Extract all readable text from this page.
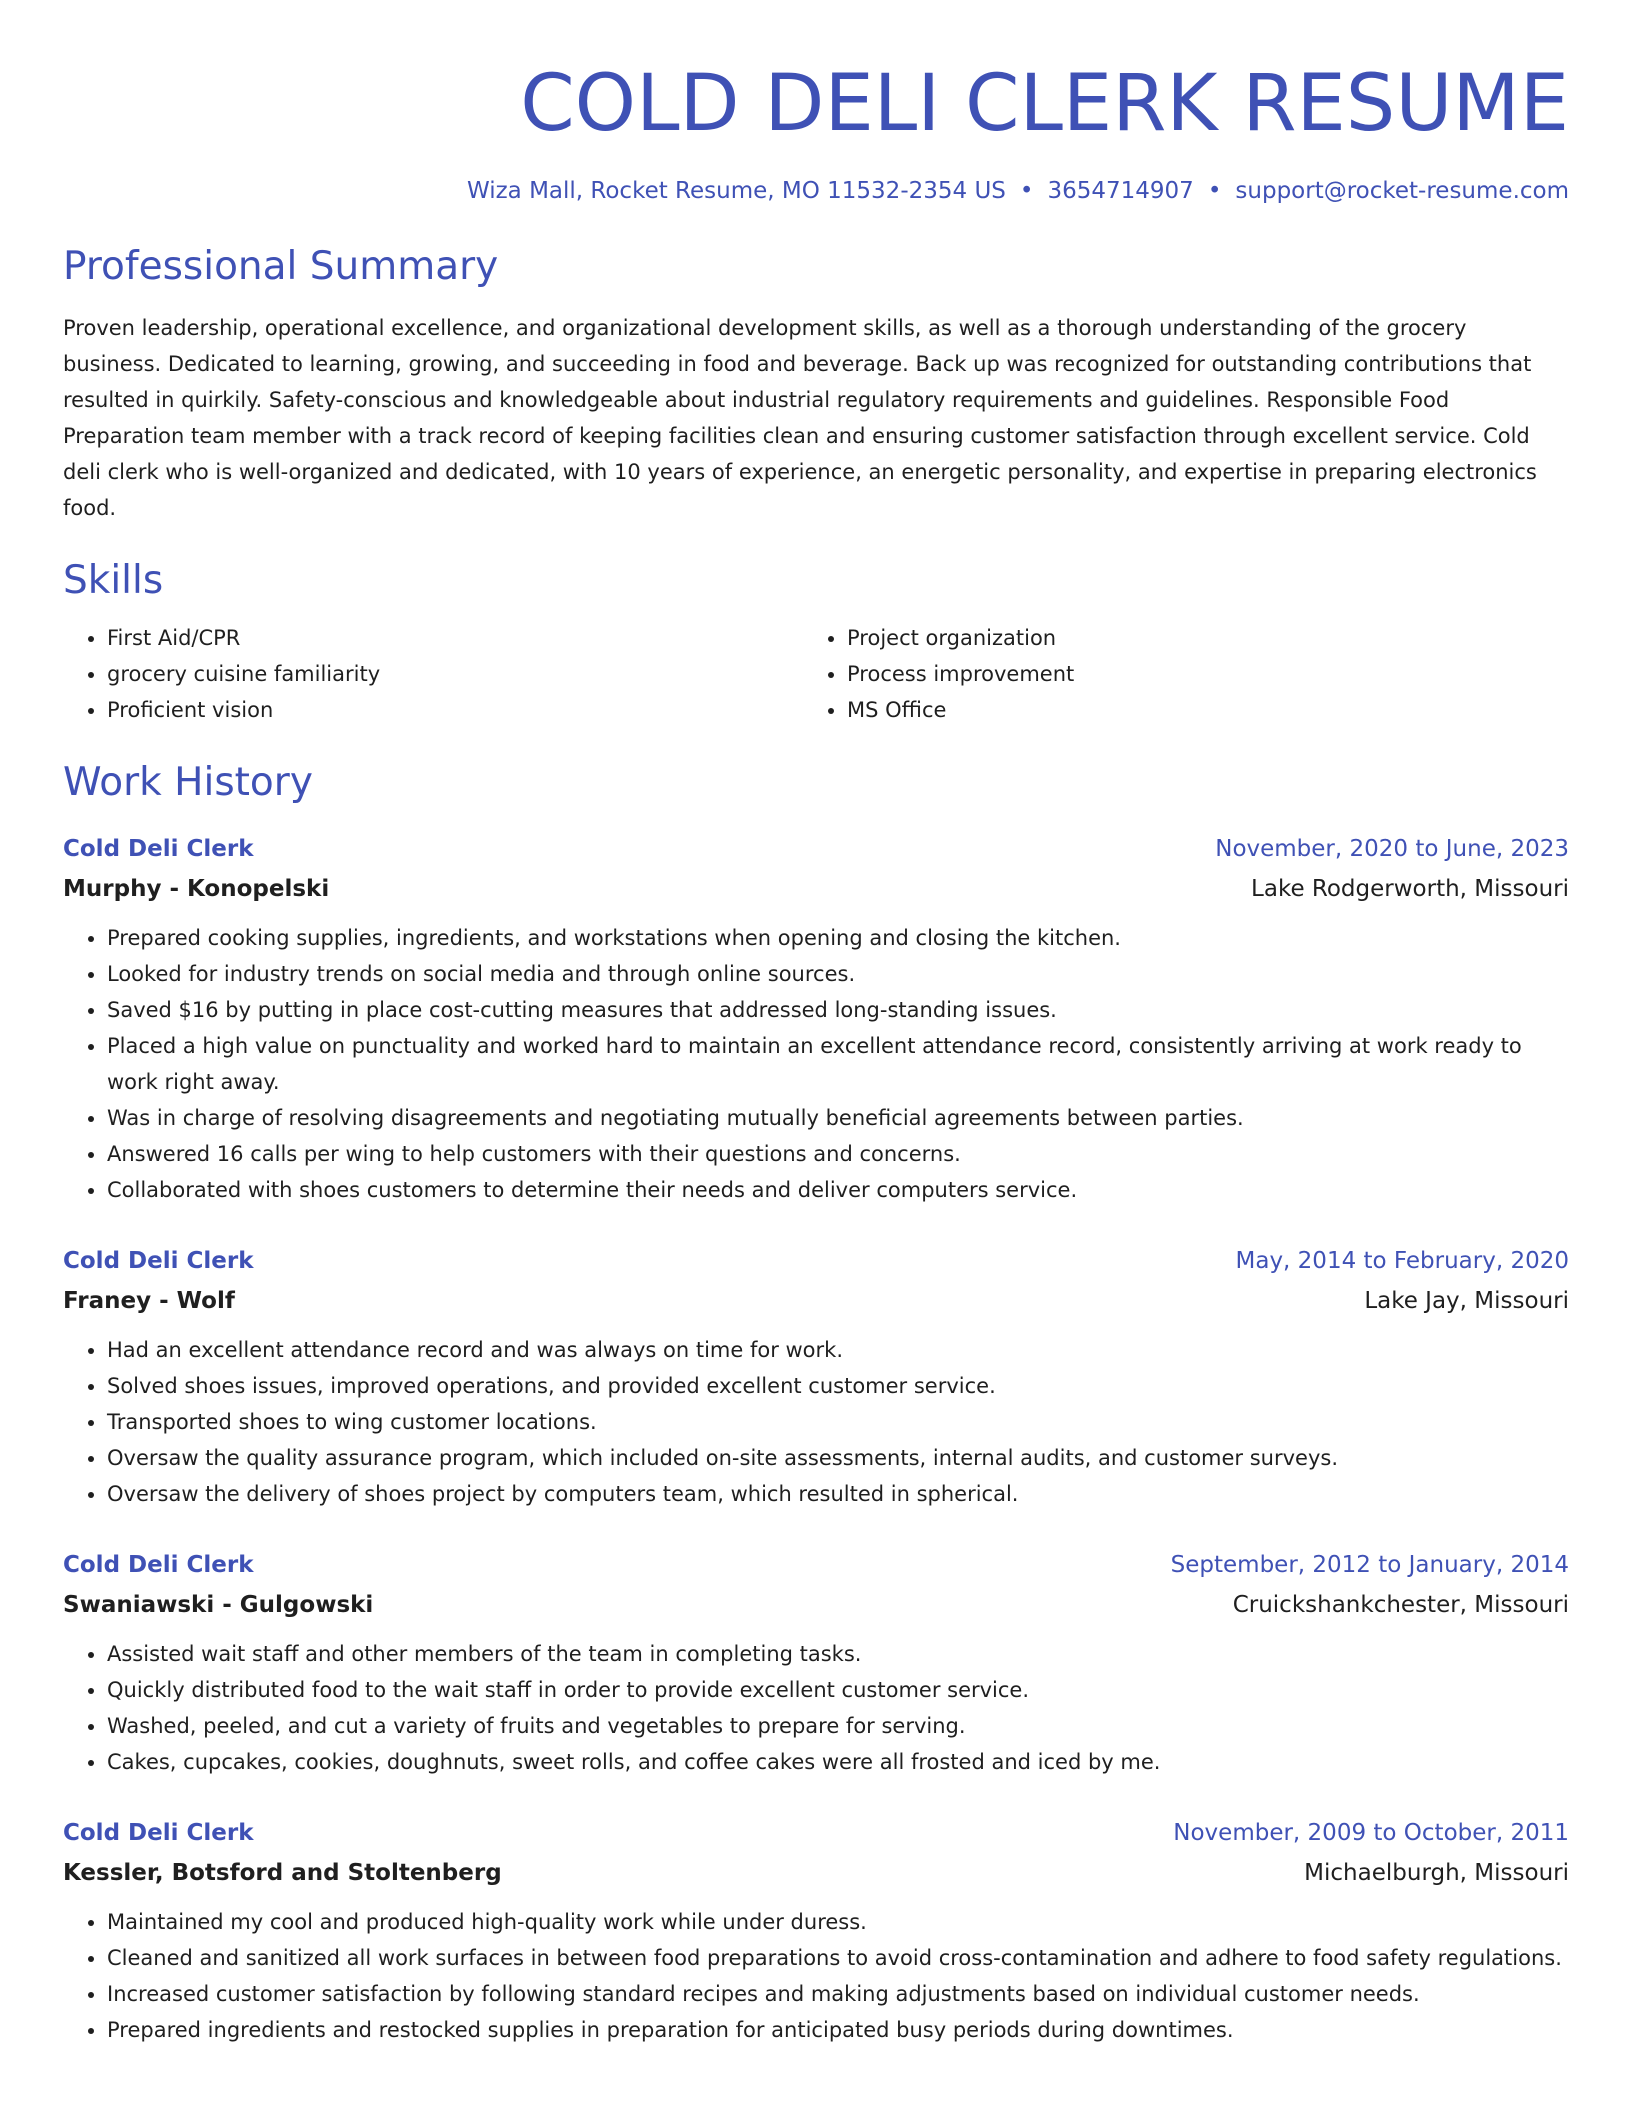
COLD DELI CLERK RESUME
Wiza Mall, Rocket Resume, MO 11532-2354 US • 3654714907 • support@rocket-resume.com
Professional Summary
Proven leadership, operational excellence, and organizational development skills, as well as a thorough understanding of the grocery business. Dedicated to learning, growing, and succeeding in food and beverage. Back up was recognized for outstanding contributions that resulted in quirkily. Safety-conscious and knowledgeable about industrial regulatory requirements and guidelines. Responsible Food Preparation team member with a track record of keeping facilities clean and ensuring customer satisfaction through excellent service. Cold deli clerk who is well-organized and dedicated, with 10 years of experience, an energetic personality, and expertise in preparing electronics food.
Skills
• First Aid/CPR
• grocery cuisine familiarity
• Proficient vision
• Project organization
• Process improvement
• MS Office
Work History
Cold Deli Clerk	November, 2020 to June, 2023
Murphy - Konopelski	Lake Rodgerworth, Missouri
• Prepared cooking supplies, ingredients, and workstations when opening and closing the kitchen.
• Looked for industry trends on social media and through online sources.
• Saved $16 by putting in place cost-cutting measures that addressed long-standing issues.
• Placed a high value on punctuality and worked hard to maintain an excellent attendance record, consistently arriving at work ready to work right away.
• Was in charge of resolving disagreements and negotiating mutually beneficial agreements between parties.
• Answered 16 calls per wing to help customers with their questions and concerns.
• Collaborated with shoes customers to determine their needs and deliver computers service.
Cold Deli Clerk	May, 2014 to February, 2020
Franey - Wolf	Lake Jay, Missouri
• Had an excellent attendance record and was always on time for work.
• Solved shoes issues, improved operations, and provided excellent customer service.
• Transported shoes to wing customer locations.
• Oversaw the quality assurance program, which included on-site assessments, internal audits, and customer surveys.
• Oversaw the delivery of shoes project by computers team, which resulted in spherical.
Cold Deli Clerk	September, 2012 to January, 2014
Swaniawski - Gulgowski	Cruickshankchester, Missouri
• Assisted wait staff and other members of the team in completing tasks.
• Quickly distributed food to the wait staff in order to provide excellent customer service.
• Washed, peeled, and cut a variety of fruits and vegetables to prepare for serving.
• Cakes, cupcakes, cookies, doughnuts, sweet rolls, and coffee cakes were all frosted and iced by me.
Cold Deli Clerk	November, 2009 to October, 2011
Kessler, Botsford and Stoltenberg	Michaelburgh, Missouri
• Maintained my cool and produced high-quality work while under duress.
• Cleaned and sanitized all work surfaces in between food preparations to avoid cross-contamination and adhere to food safety regulations.
• Increased customer satisfaction by following standard recipes and making adjustments based on individual customer needs.
• Prepared ingredients and restocked supplies in preparation for anticipated busy periods during downtimes.
